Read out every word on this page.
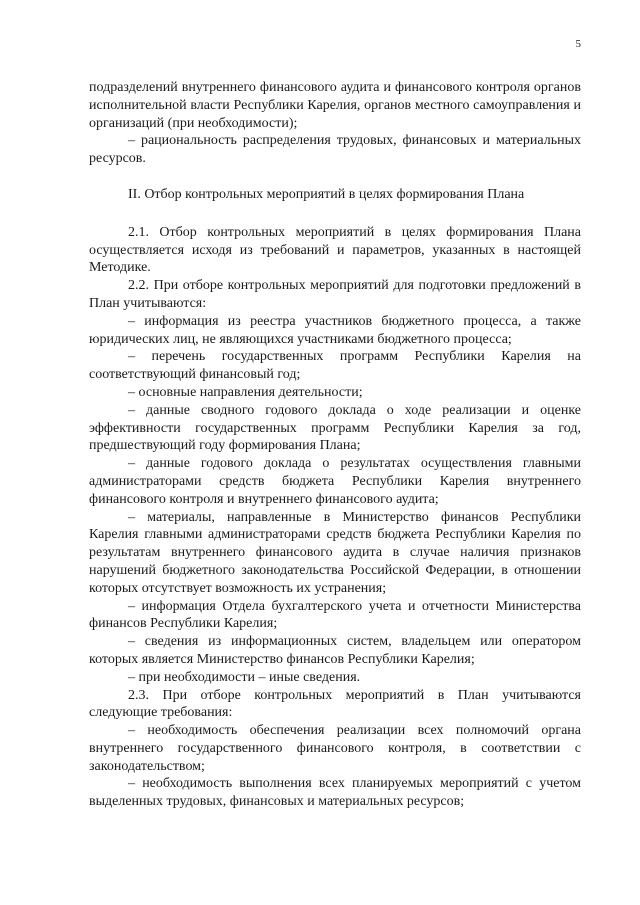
5

подразделений внутреннего финансового аудита и финансового контроля органов исполнительной власти Республики Карелия, органов местного самоуправления и организаций (при необходимости);

– рациональность распределения трудовых, финансовых и материальных ресурсов.

II. Отбор контрольных мероприятий в целях формирования Плана

2.1. Отбор контрольных мероприятий в целях формирования Плана осуществляется исходя из требований и параметров, указанных в настоящей Методике.

2.2. При отборе контрольных мероприятий для подготовки предложений в План учитываются:

– информация из реестра участников бюджетного процесса, а также юридических лиц, не являющихся участниками бюджетного процесса;

– перечень государственных программ Республики Карелия на соответствующий финансовый год;

– основные направления деятельности;

– данные сводного годового доклада о ходе реализации и оценке эффективности государственных программ Республики Карелия за год, предшествующий году формирования Плана;

– данные годового доклада о результатах осуществления главными администраторами средств бюджета Республики Карелия внутреннего финансового контроля и внутреннего финансового аудита;

– материалы, направленные в Министерство финансов Республики Карелия главными администраторами средств бюджета Республики Карелия по результатам внутреннего финансового аудита в случае наличия признаков нарушений бюджетного законодательства Российской Федерации, в отношении которых отсутствует возможность их устранения;

– информация Отдела бухгалтерского учета и отчетности Министерства финансов Республики Карелия;

– сведения из информационных систем, владельцем или оператором которых является Министерство финансов Республики Карелия;

– при необходимости – иные сведения.

2.3. При отборе контрольных мероприятий в План учитываются следующие требования:

– необходимость обеспечения реализации всех полномочий органа внутреннего государственного финансового контроля, в соответствии с законодательством;

– необходимость выполнения всех планируемых мероприятий с учетом выделенных трудовых, финансовых и материальных ресурсов;
